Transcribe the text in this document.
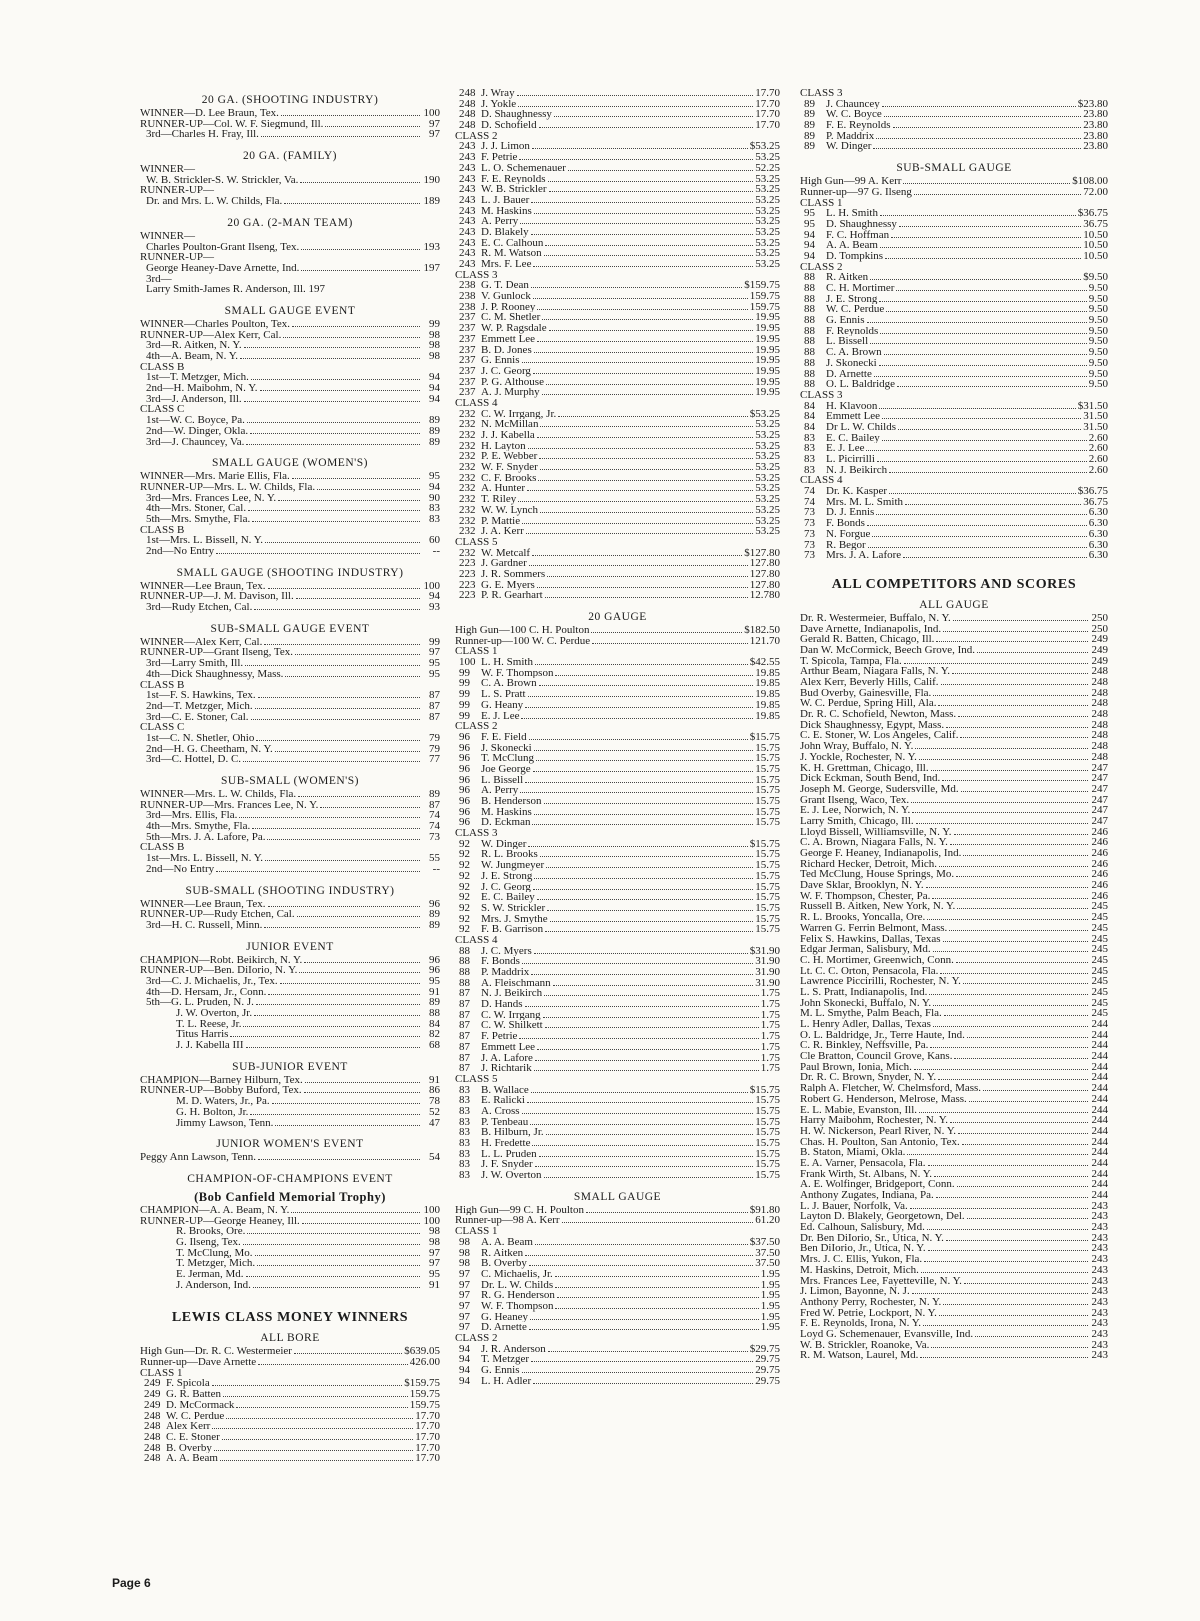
20 GA. (SHOOTING INDUSTRY)
WINNER—D. Lee Braun, Tex.	100
RUNNER-UP—Col. W. F. Siegmund, Ill.	97
3rd—Charles H. Fray, Ill.	97
20 GA. (FAMILY)
WINNER—
W. B. Strickler-S. W. Strickler, Va.	190
RUNNER-UP—
Dr. and Mrs. L. W. Childs, Fla.	189
20 GA. (2-MAN TEAM)
WINNER—
Charles Poulton-Grant Ilseng, Tex.	193
RUNNER-UP—
George Heaney-Dave Arnette, Ind.	197
3rd—
Larry Smith-James R. Anderson, Ill. 197
SMALL GAUGE EVENT
WINNER—Charles Poulton, Tex.	99
RUNNER-UP—Alex Kerr, Cal.	98
3rd—R. Aitken, N. Y.	98
4th—A. Beam, N. Y.	98
CLASS B
1st—T. Metzger, Mich.	94
2nd—H. Maibohm, N. Y.	94
3rd—J. Anderson, Ill.	94
CLASS C
1st—W. C. Boyce, Pa.	89
2nd—W. Dinger, Okla.	89
3rd—J. Chauncey, Va.	89
SMALL GAUGE (WOMEN'S)
WINNER—Mrs. Marie Ellis, Fla.	95
RUNNER-UP—Mrs. L. W. Childs, Fla.	94
3rd—Mrs. Frances Lee, N. Y.	90
4th—Mrs. Stoner, Cal.	83
5th—Mrs. Smythe, Fla.	83
CLASS B
1st—Mrs. L. Bissell, N. Y.	60
2nd—No Entry	--
SMALL GAUGE (SHOOTING INDUSTRY)
WINNER—Lee Braun, Tex.	100
RUNNER-UP—J. M. Davison, Ill.	94
3rd—Rudy Etchen, Cal.	93
SUB-SMALL GAUGE EVENT
WINNER—Alex Kerr, Cal.	99
RUNNER-UP—Grant Ilseng, Tex.	97
3rd—Larry Smith, Ill.	95
4th—Dick Shaughnessy, Mass.	95
CLASS B
1st—F. S. Hawkins, Tex.	87
2nd—T. Metzger, Mich.	87
3rd—C. E. Stoner, Cal.	87
CLASS C
1st—C. N. Shetler, Ohio	79
2nd—H. G. Cheetham, N. Y.	79
3rd—C. Hottel, D. C.	77
SUB-SMALL (WOMEN'S)
WINNER—Mrs. L. W. Childs, Fla.	89
RUNNER-UP—Mrs. Frances Lee, N. Y.	87
3rd—Mrs. Ellis, Fla.	74
4th—Mrs. Smythe, Fla.	74
5th—Mrs. J. A. Lafore, Pa.	73
CLASS B
1st—Mrs. L. Bissell, N. Y.	55
2nd—No Entry	--
SUB-SMALL (SHOOTING INDUSTRY)
WINNER—Lee Braun, Tex.	96
RUNNER-UP—Rudy Etchen, Cal.	89
3rd—H. C. Russell, Minn.	89
JUNIOR EVENT
CHAMPION—Robt. Beikirch, N. Y.	96
RUNNER-UP—Ben. DiIorio, N. Y.	96
3rd—C. J. Michaelis, Jr., Tex.	95
4th—D. Hersam, Jr., Conn.	91
5th—G. L. Pruden, N. J.	89
J. W. Overton, Jr.	88
T. L. Reese, Jr.	84
Titus Harris	82
J. J. Kabella III	68
SUB-JUNIOR EVENT
CHAMPION—Barney Hilburn, Tex.	91
RUNNER-UP—Bobby Buford, Tex.	86
M. D. Waters, Jr., Pa.	78
G. H. Bolton, Jr.	52
Jimmy Lawson, Tenn.	47
JUNIOR WOMEN'S EVENT
Peggy Ann Lawson, Tenn.	54
CHAMPION-OF-CHAMPIONS EVENT
(Bob Canfield Memorial Trophy)
CHAMPION—A. A. Beam, N. Y.	100
RUNNER-UP—George Heaney, Ill.	100
R. Brooks, Ore.	98
G. Ilseng, Tex.	98
T. McClung, Mo.	97
T. Metzger, Mich.	97
E. Jerman, Md.	95
J. Anderson, Ind.	91
LEWIS CLASS MONEY WINNERS
ALL BORE
High Gun—Dr. R. C. Westermeier	$639.05
Runner-up—Dave Arnette	426.00
CLASS 1
249 F. Spicola	$159.75
249 G. R. Batten	159.75
249 D. McCormack	159.75
248 W. C. Perdue	17.70
248 Alex Kerr	17.70
248 C. E. Stoner	17.70
248 B. Overby	17.70
248 A. A. Beam	17.70
248 J. Wray	17.70
248 J. Yokle	17.70
248 D. Shaughnessy	17.70
248 D. Schofield	17.70
CLASS 2
243 J. J. Limon	$53.25
243 F. Petrie	53.25
243 L. O. Schemenauer	52.25
243 F. E. Reynolds	53.25
243 W. B. Strickler	53.25
243 L. J. Bauer	53.25
243 M. Haskins	53.25
243 A. Perry	53.25
243 D. Blakely	53.25
243 E. C. Calhoun	53.25
243 R. M. Watson	53.25
243 Mrs. F. Lee	53.25
CLASS 3
238 G. T. Dean	$159.75
238 V. Gunlock	159.75
238 J. P. Rooney	159.75
237 C. M. Shetler	19.95
237 W. P. Ragsdale	19.95
237 Emmett Lee	19.95
237 B. D. Jones	19.95
237 G. Ennis	19.95
237 J. C. Georg	19.95
237 P. G. Althouse	19.95
237 A. J. Murphy	19.95
CLASS 4
232 C. W. Irrgang, Jr.	$53.25
232 N. McMillan	53.25
232 J. J. Kabella	53.25
232 H. Layton	53.25
232 P. E. Webber	53.25
232 W. F. Snyder	53.25
232 C. F. Brooks	53.25
232 A. Hunter	53.25
232 T. Riley	53.25
232 W. W. Lynch	53.25
232 P. Mattie	53.25
232 J. A. Kerr	53.25
CLASS 5
232 W. Metcalf	$127.80
223 J. Gardner	127.80
223 J. R. Sommers	127.80
223 G. E. Myers	127.80
223 P. R. Gearhart	12.780
20 GAUGE
High Gun—100 C. H. Poulton	$182.50
Runner-up—100 W. C. Perdue	121.70
CLASS 1
100 L. H. Smith	$42.55
99	W. F. Thompson	19.85
99	C. A. Brown	19.85
99	L. S. Pratt	19.85
99	G. Heany	19.85
99	E. J. Lee	19.85
CLASS 2
96	F. E. Field	$15.75
96	J. Skonecki	15.75
96	T. McClung	15.75
96	Joe George	15.75
96	L. Bissell	15.75
96	A. Perry	15.75
96	B. Henderson	15.75
96	M. Haskins	15.75
96	D. Eckman	15.75
CLASS 3
92	W. Dinger	$15.75
92	R. L. Brooks	15.75
92	W. Jungmeyer	15.75
92	J. E. Strong	15.75
92	J. C. Georg	15.75
92	E. C. Bailey	15.75
92	S. W. Strickler	15.75
92	Mrs. J. Smythe	15.75
92	F. B. Garrison	15.75
CLASS 4
88	J. C. Myers	$31.90
88	F. Bonds	31.90
88	P. Maddrix	31.90
88	A. Fleischmann	31.90
87	N. J. Beikirch	1.75
87	D. Hands	1.75
87	C. W. Irrgang	1.75
87	C. W. Shilkett	1.75
87	F. Petrie	1.75
87	Emmett Lee	1.75
87	J. A. Lafore	1.75
87	J. Richtarik	1.75
CLASS 5
83	B. Wallace	$15.75
83	E. Ralicki	15.75
83	A. Cross	15.75
83	P. Tenbeau	15.75
83	B. Hilburn, Jr.	15.75
83	H. Fredette	15.75
83	L. L. Pruden	15.75
83	J. F. Snyder	15.75
83	J. W. Overton	15.75
SMALL GAUGE
High Gun—99 C. H. Poulton	$91.80
Runner-up—98 A. Kerr	61.20
CLASS 1
98	A. A. Beam	$37.50
98	R. Aitken	37.50
98	B. Overby	37.50
97	C. Michaelis, Jr.	1.95
97	Dr. L. W. Childs	1.95
97	R. G. Henderson	1.95
97	W. F. Thompson	1.95
97	G. Heaney	1.95
97	D. Arnette	1.95
CLASS 2
94	J. R. Anderson	$29.75
94	T. Metzger	29.75
94	G. Ennis	29.75
94	L. H. Adler	29.75
CLASS 3
89	J. Chauncey	$23.80
89	W. C. Boyce	23.80
89	F. E. Reynolds	23.80
89	P. Maddrix	23.80
89	W. Dinger	23.80
SUB-SMALL GAUGE
High Gun—99 A. Kerr	$108.00
Runner-up—97 G. Ilseng	72.00
CLASS 1
95	L. H. Smith	$36.75
95	D. Shaughnessy	36.75
94	F. C. Hoffman	10.50
94	A. A. Beam	10.50
94	D. Tompkins	10.50
CLASS 2
88	R. Aitken	$9.50
88	C. H. Mortimer	9.50
88	J. E. Strong	9.50
88	W. C. Perdue	9.50
88	G. Ennis	9.50
88	F. Reynolds	9.50
88	L. Bissell	9.50
88	C. A. Brown	9.50
88	J. Skonecki	9.50
88	D. Arnette	9.50
88	O. L. Baldridge	9.50
CLASS 3
84	H. Klavoon	$31.50
84	Emmett Lee	31.50
84	Dr L. W. Childs	31.50
83	E. C. Bailey	2.60
83	E. J. Lee	2.60
83	L. Picirrilli	2.60
83	N. J. Beikirch	2.60
CLASS 4
74	Dr. K. Kasper	$36.75
74	Mrs. M. L. Smith	36.75
73	D. J. Ennis	6.30
73	F. Bonds	6.30
73	N. Forgue	6.30
73	R. Begor	6.30
73	Mrs. J. A. Lafore	6.30
ALL COMPETITORS AND SCORES
ALL GAUGE
Dr. R. Westermeier, Buffalo, N. Y.	250
Dave Arnette, Indianapolis, Ind.	250
Gerald R. Batten, Chicago, Ill.	249
Dan W. McCormick, Beech Grove, Ind.	249
T. Spicola, Tampa, Fla.	249
Arthur Beam, Niagara Falls, N. Y.	248
Alex Kerr, Beverly Hills, Calif.	248
Bud Overby, Gainesville, Fla.	248
W. C. Perdue, Spring Hill, Ala.	248
Dr. R. C. Schofield, Newton, Mass.	248
Dick Shaughnessy, Egypt, Mass.	248
C. E. Stoner, W. Los Angeles, Calif.	248
John Wray, Buffalo, N. Y.	248
J. Yockle, Rochester, N. Y.	248
K. H. Grettman, Chicago, Ill.	247
Dick Eckman, South Bend, Ind.	247
Joseph M. George, Sudersville, Md.	247
Grant Ilseng, Waco, Tex.	247
E. J. Lee, Norwich, N. Y.	247
Larry Smith, Chicago, Ill.	247
Lloyd Bissell, Williamsville, N. Y.	246
C. A. Brown, Niagara Falls, N. Y.	246
George F. Heaney, Indianapolis, Ind.	246
Richard Hecker, Detroit, Mich.	246
Ted McClung, House Springs, Mo.	246
Dave Sklar, Brooklyn, N. Y.	246
W. F. Thompson, Chester, Pa.	246
Russell B. Aitken, New York, N. Y.	245
R. L. Brooks, Yoncalla, Ore.	245
Warren G. Ferrin Belmont, Mass.	245
Felix S. Hawkins, Dallas, Texas	245
Edgar Jerman, Salisbury, Md.	245
C. H. Mortimer, Greenwich, Conn.	245
Lt. C. C. Orton, Pensacola, Fla.	245
Lawrence Piccirilli, Rochester, N. Y.	245
L. S. Pratt, Indianapolis, Ind.	245
John Skonecki, Buffalo, N. Y.	245
M. L. Smythe, Palm Beach, Fla.	245
L. Henry Adler, Dallas, Texas	244
O. L. Baldridge, Jr., Terre Haute, Ind.	244
C. R. Binkley, Neffsville, Pa.	244
Cle Bratton, Council Grove, Kans.	244
Paul Brown, Ionia, Mich.	244
Dr. R. C. Brown, Snyder, N. Y.	244
Ralph A. Fletcher, W. Chelmsford, Mass.	244
Robert G. Henderson, Melrose, Mass.	244
E. L. Mabie, Evanston, Ill.	244
Harry Maibohm, Rochester, N. Y.	244
H. W. Nickerson, Pearl River, N. Y.	244
Chas. H. Poulton, San Antonio, Tex.	244
B. Staton, Miami, Okla.	244
E. A. Varner, Pensacola, Fla.	244
Frank Wirth, St. Albans, N. Y.	244
A. E. Wolfinger, Bridgeport, Conn.	244
Anthony Zugates, Indiana, Pa.	244
L. J. Bauer, Norfolk, Va.	243
Layton D. Blakely, Georgetown, Del.	243
Ed. Calhoun, Salisbury, Md.	243
Dr. Ben DiIorio, Sr., Utica, N. Y.	243
Ben DiIorio, Jr., Utica, N. Y.	243
Mrs. J. C. Ellis, Yukon, Fla.	243
M. Haskins, Detroit, Mich.	243
Mrs. Frances Lee, Fayetteville, N. Y.	243
J. Limon, Bayonne, N. J.	243
Anthony Perry, Rochester, N. Y.	243
Fred W. Petrie, Lockport, N. Y.	243
F. E. Reynolds, Irona, N. Y.	243
Loyd G. Schemenauer, Evansville, Ind.	243
W. B. Strickler, Roanoke, Va.	243
R. M. Watson, Laurel, Md.	243
Page 6
